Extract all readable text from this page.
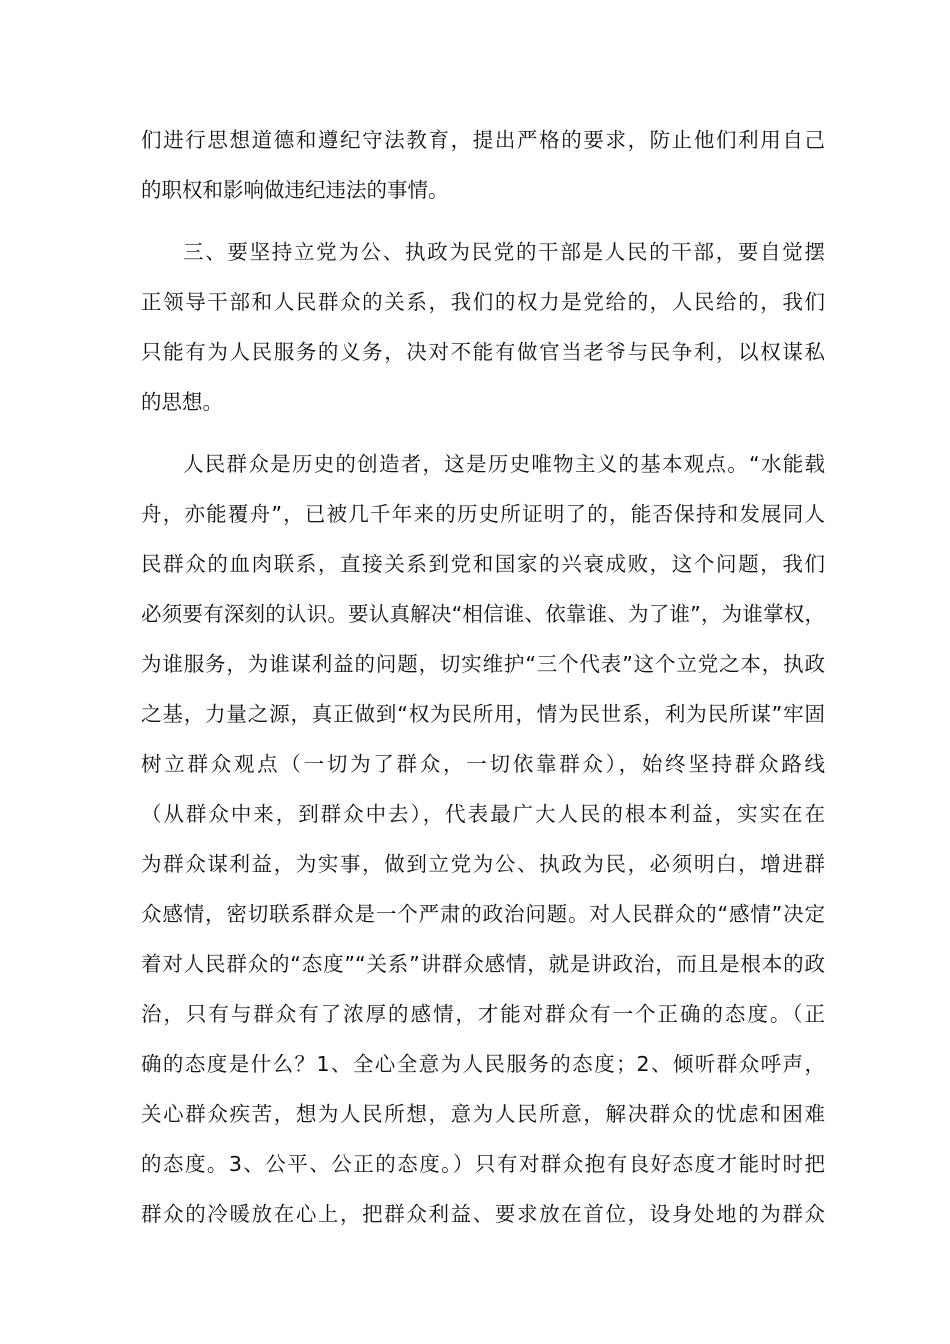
们进行思想道德和遵纪守法教育，提出严格的要求，防止他们利用自己
的职权和影响做违纪违法的事情。
三、要坚持立党为公、执政为民党的干部是人民的干部，要自觉摆
正领导干部和人民群众的关系，我们的权力是党给的，人民给的，我们
只能有为人民服务的义务，决对不能有做官当老爷与民争利，以权谋私
的思想。
人民群众是历史的创造者，这是历史唯物主义的基本观点。“水能载
舟，亦能覆舟”，已被几千年来的历史所证明了的，能否保持和发展同人
民群众的血肉联系，直接关系到党和国家的兴衰成败，这个问题，我们
必须要有深刻的认识。要认真解决“相信谁、依靠谁、为了谁”，为谁掌权，
为谁服务，为谁谋利益的问题，切实维护“三个代表”这个立党之本，执政
之基，力量之源，真正做到“权为民所用，情为民世系，利为民所谋”牢固
树立群众观点（一切为了群众，一切依靠群众），始终坚持群众路线
（从群众中来，到群众中去），代表最广大人民的根本利益，实实在在
为群众谋利益，为实事，做到立党为公、执政为民，必须明白，增进群
众感情，密切联系群众是一个严肃的政治问题。对人民群众的“感情”决定
着对人民群众的“态度”“关系”讲群众感情，就是讲政治，而且是根本的政
治，只有与群众有了浓厚的感情，才能对群众有一个正确的态度。（正
确的态度是什么？1、全心全意为人民服务的态度；2、倾听群众呼声，
关心群众疾苦，想为人民所想，意为人民所意，解决群众的忧虑和困难
的态度。3、公平、公正的态度。）只有对群众抱有良好态度才能时时把
群众的冷暖放在心上，把群众利益、要求放在首位，设身处地的为群众
